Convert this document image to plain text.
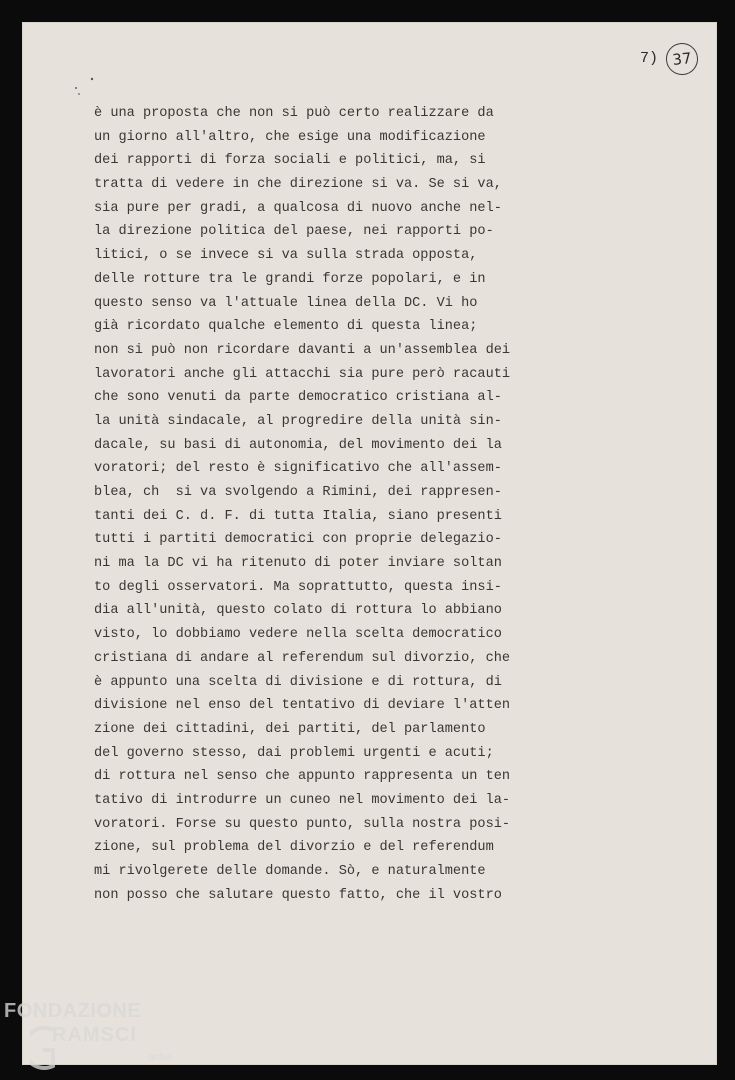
è una proposta che non si può certo realizzare da
un giorno all'altro, che esige una modificazione
dei rapporti di forza sociali e politici, ma, si
tratta di vedere in che direzione si va. Se si va,
sia pure per gradi, a qualcosa di nuovo anche nel-
la direzione politica del paese, nei rapporti po-
litici, o se invece si va sulla strada opposta,
delle rotture tra le grandi forze popolari, e in
questo senso va l'attuale linea della DC. Vi ho
già ricordato qualche elemento di questa linea;
non si può non ricordare davanti a un'assemblea dei
lavoratori anche gli attacchi sia pure però racauti
che sono venuti da parte democratico cristiana al-
la unità sindacale, al progredire della unità sin-
dacale, su basi di autonomia, del movimento dei la
voratori; del resto è significativo che all'assem-
blea, ch  si va svolgendo a Rimini, dei rappresen-
tanti dei C. d. F. di tutta Italia, siano presenti
tutti i partiti democratici con proprie delegazio-
ni ma la DC vi ha ritenuto di poter inviare soltan
to degli osservatori. Ma soprattutto, questa insi-
dia all'unità, questo colato di rottura lo abbiano
visto, lo dobbiamo vedere nella scelta democratico
cristiana di andare al referendum sul divorzio, che
è appunto una scelta di divisione e di rottura, di
divisione nel enso del tentativo di deviare l'atten
zione dei cittadini, dei partiti, del parlamento
del governo stesso, dai problemi urgenti e acuti;
di rottura nel senso che appunto rappresenta un ten
tativo di introdurre un cuneo nel movimento dei la-
voratori. Forse su questo punto, sulla nostra posi-
zione, sul problema del divorzio e del referendum
mi rivolgerete delle domande. Sò, e naturalmente
non posso che salutare questo fatto, che il vostro
7) 37
FONDAZIONE
RAMSCI
onlus
